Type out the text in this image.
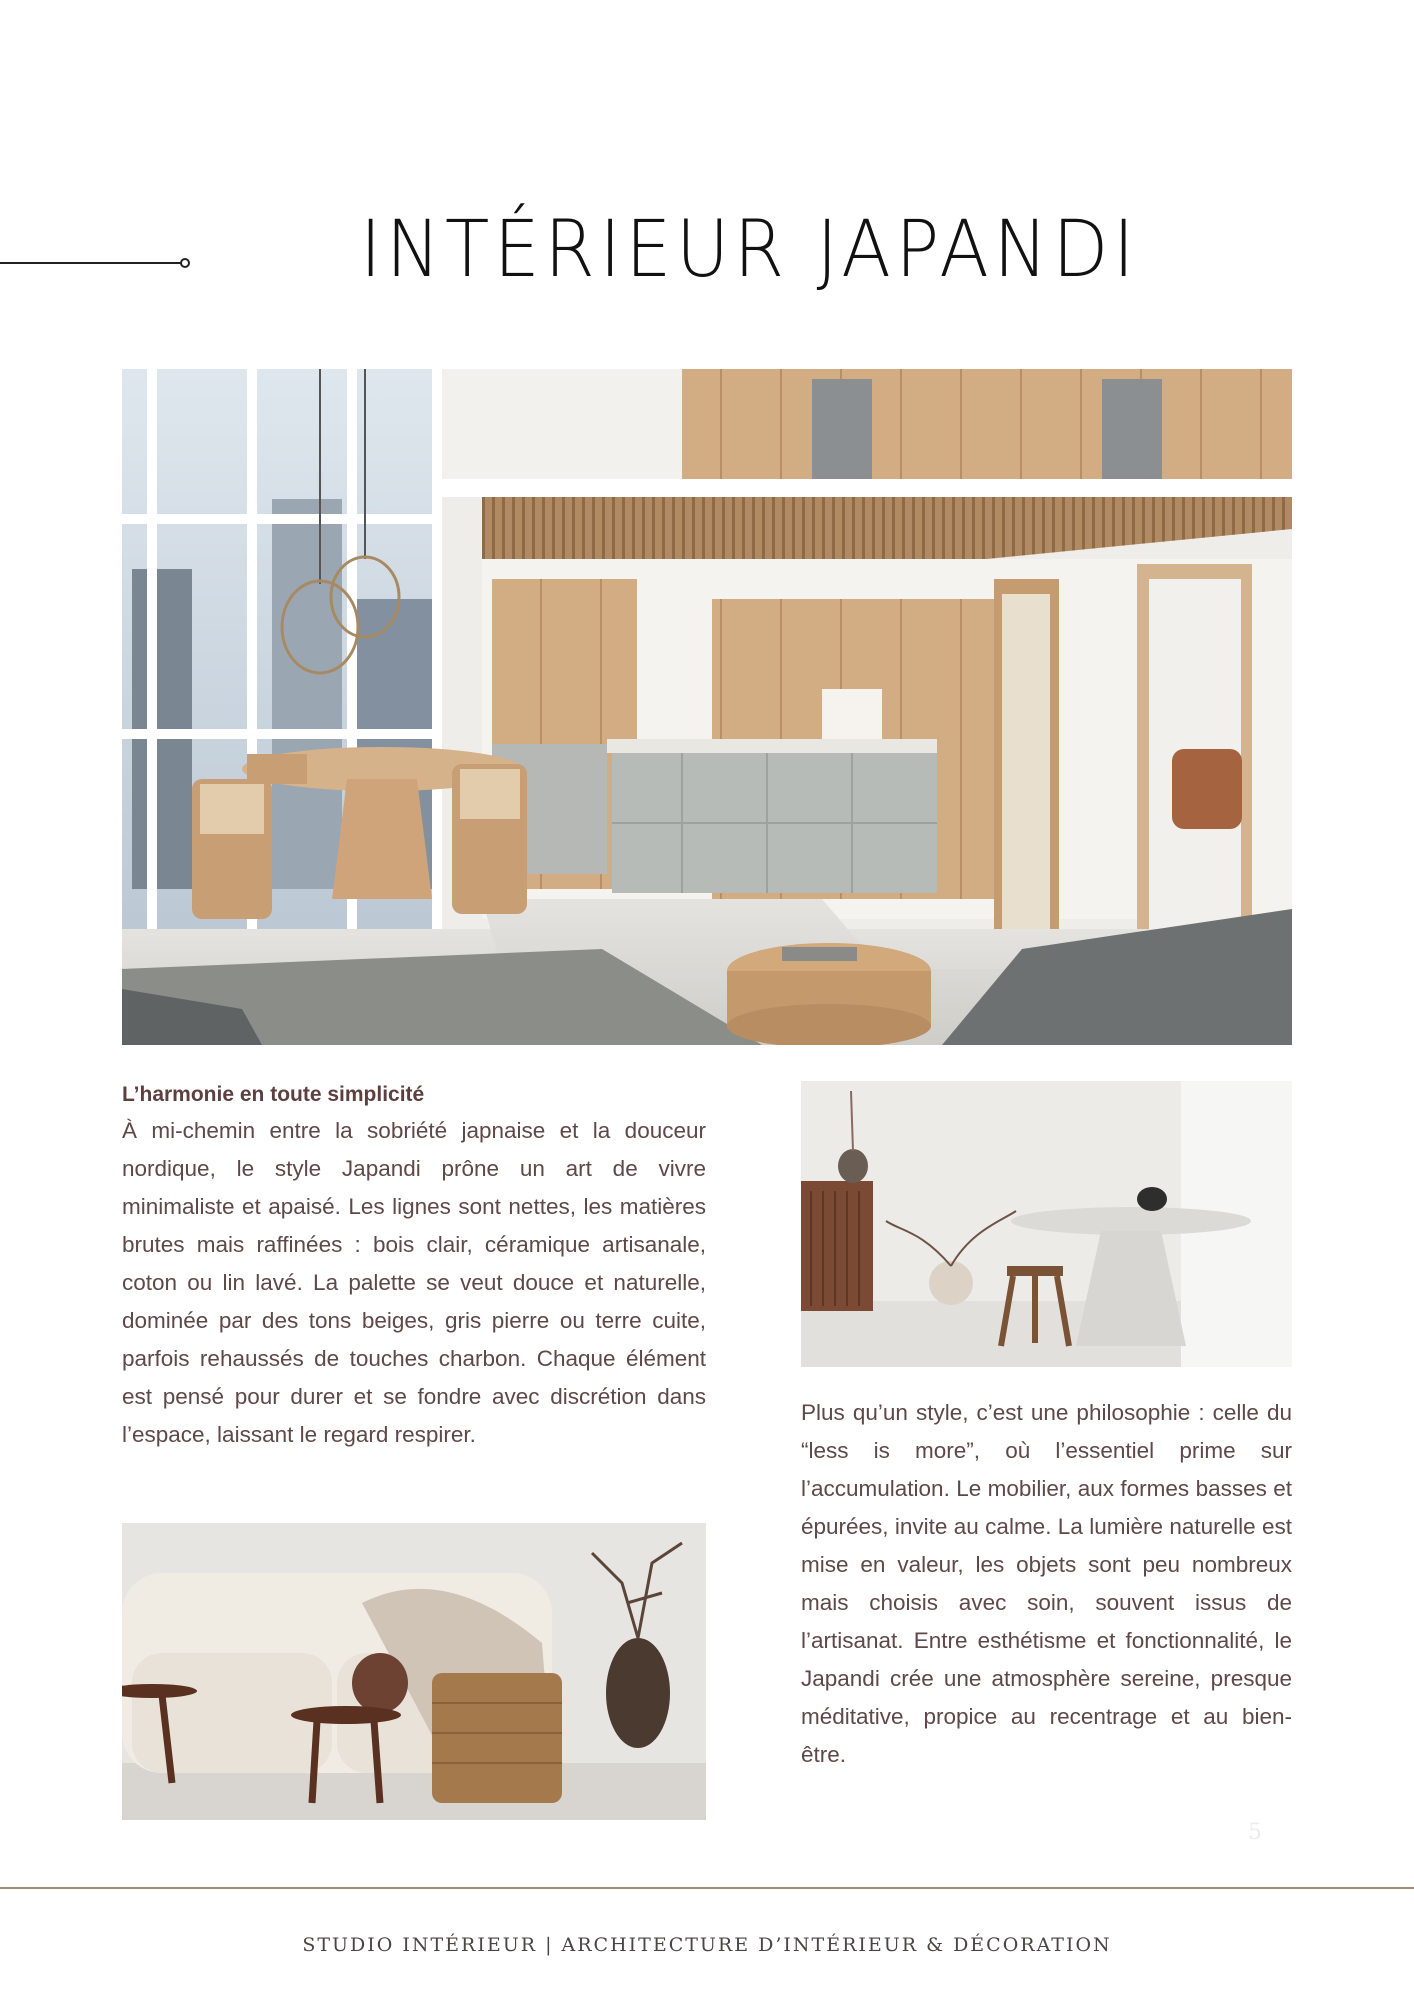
INTÉRIEUR JAPANDI
L’harmonie en toute simplicité

À mi-chemin entre la sobriété japnaise et la douceur nordique, le style Japandi prône un art de vivre minimaliste et apaisé. Les lignes sont nettes, les matières brutes mais raffinées : bois clair, céramique artisanale, coton ou lin lavé. La palette se veut douce et naturelle, dominée par des tons beiges, gris pierre ou terre cuite, parfois rehaussés de touches charbon. Chaque élément est pensé pour durer et se fondre avec discrétion dans l’espace, laissant le regard respirer.

Plus qu’un style, c’est une philosophie : celle du “less is more”, où l’essentiel prime sur l’accumulation. Le mobilier, aux formes basses et épurées, invite au calme. La lumière naturelle est mise en valeur, les objets sont peu nombreux mais choisis avec soin, souvent issus de l’artisanat. Entre esthétisme et fonctionnalité, le Japandi crée une atmosphère sereine, presque méditative, propice au recentrage et au bien-être.

5
STUDIO INTÉRIEUR | ARCHITECTURE D’INTÉRIEUR & DÉCORATION
